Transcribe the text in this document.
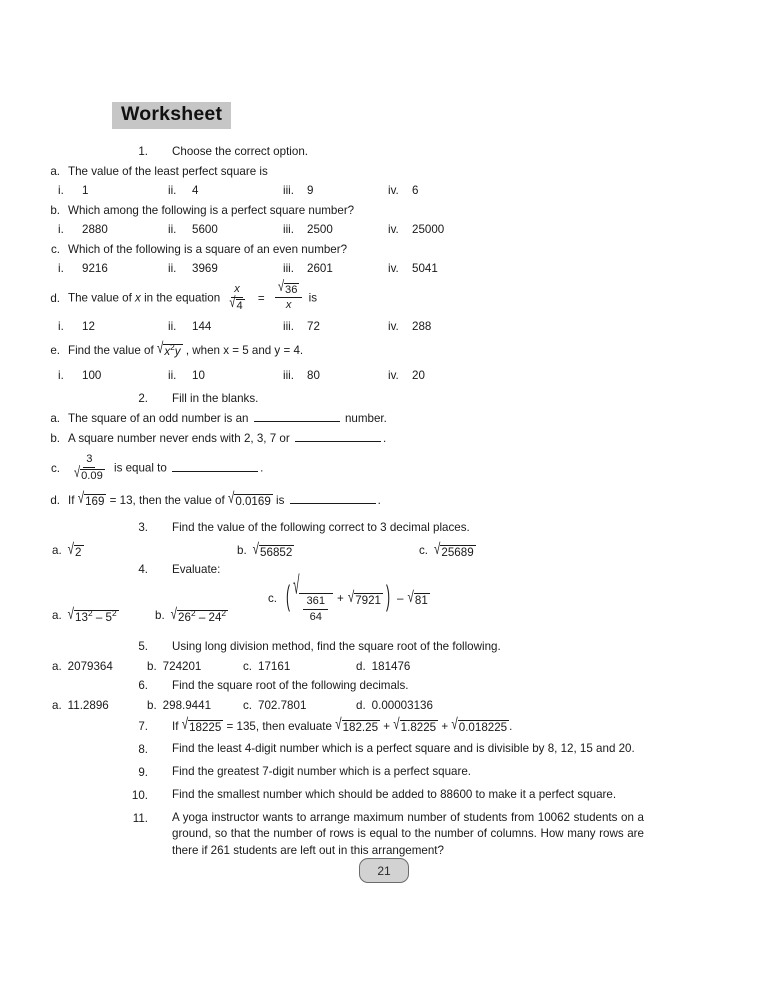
Worksheet
1. Choose the correct option.
a. The value of the least perfect square is
i.	1	ii.	4	iii.	9	iv.	6
b. Which among the following is a perfect square number?
i.	2880	ii.	5600	iii.	2500	iv.	25000
c. Which of the following is a square of an even number?
i.	9216	ii.	3969	iii.	2601	iv.	5041
d. The value of x in the equation $\frac{x}{√ 4} = \frac{√ 36}{x}$ is
i.	12	ii.	144	iii.	72	iv.	288
e. Find the value of √ $x^2y$ , when x = 5 and y = 4.
i.	100	ii.	10	iii.	80	iv.	20
2. Fill in the blanks.
a. The square of an odd number is an	number.
b. A square number never ends with 2, 3, 7 or	.
c. $\frac{3}{√ 0.09}$ is equal to	.
d. If √ 169 = 13, then the value of √ 0.0169 is	.
3. Find the value of the following correct to 3 decimal places.
a. √ 2	b. √ 56852	c. √ 25689
4. Evaluate:
a. √ $13^2 - 5^2$	b. √ $26^2 - 24^2$
c. ( √
$\frac{361}{64}$ + √ 7921 ) – √ 81
5. Using long division method, find the square root of the following.
a. 2079364	b. 724201	c. 17161	d. 181476
6. Find the square root of the following decimals.
a. 11.2896	b. 298.9441	c. 702.7801	d. 0.00003136
7. If √ 18225 = 135, then evaluate √ 182.25 + √ 1.8225 + √ 0.018225 .
8. Find the least 4-digit number which is a perfect square and is divisible by 8, 12, 15 and 20.
9. Find the greatest 7-digit number which is a perfect square.
10. Find the smallest number which should be added to 88600 to make it a perfect square.
11. A yoga instructor wants to arrange maximum number of students from 10062 students on a ground, so that the number of rows is equal to the number of columns. How many rows are there if 261 students are left out in this arrangement?
21
